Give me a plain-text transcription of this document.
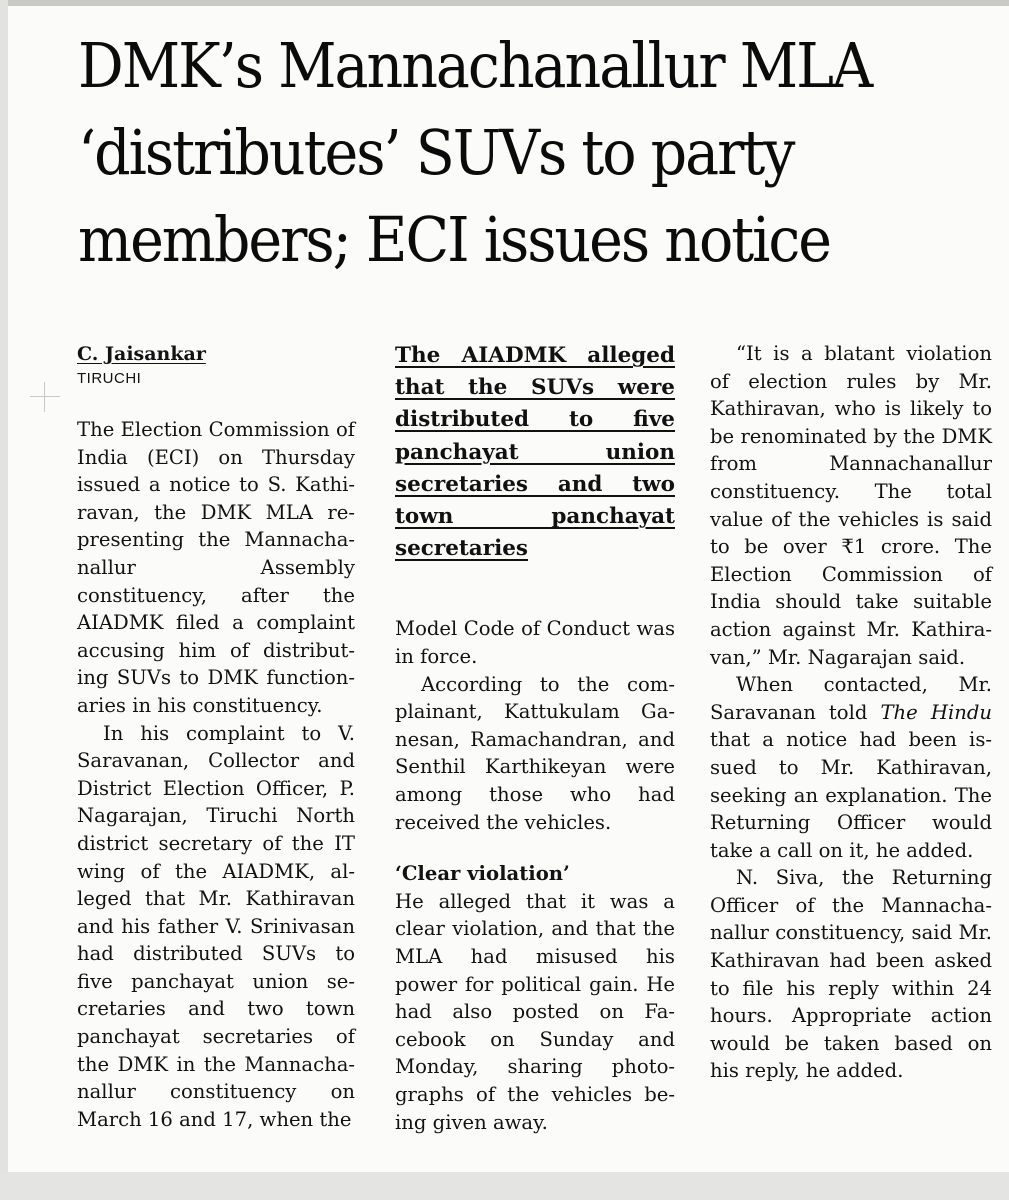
DMK’s Mannachanallur MLA
‘distributes’ SUVs to party
members; ECI issues notice
C. Jaisankar
TIRUCHI

The Election Commission of India (ECI) on Thursday issued a notice to S. Kathiravan, the DMK MLA representing the Mannachanallur Assembly constituency, after the AIADMK filed a complaint accusing him of distributing SUVs to DMK functionaries in his constituency.

In his complaint to V. Saravanan, Collector and District Election Officer, P. Nagarajan, Tiruchi North district secretary of the IT wing of the AIADMK, alleged that Mr. Kathiravan and his father V. Srinivasan had distributed SUVs to five panchayat union secretaries and two town panchayat secretaries of the DMK in the Mannachanallur constituency on March 16 and 17, when the

The AIADMK alleged that the SUVs were distributed to five panchayat union secretaries and two town panchayat secretaries

Model Code of Conduct was in force.

According to the complainant, Kattukulam Ganesan, Ramachandran, and Senthil Karthikeyan were among those who had received the vehicles.

‘Clear violation’

He alleged that it was a clear violation, and that the MLA had misused his power for political gain. He had also posted on Facebook on Sunday and Monday, sharing photographs of the vehicles being given away.

“It is a blatant violation of election rules by Mr. Kathiravan, who is likely to be renominated by the DMK from Mannachanallur constituency. The total value of the vehicles is said to be over ₹1 crore. The Election Commission of India should take suitable action against Mr. Kathiravan,” Mr. Nagarajan said.

When contacted, Mr. Saravanan told The Hindu that a notice had been issued to Mr. Kathiravan, seeking an explanation. The Returning Officer would take a call on it, he added.

N. Siva, the Returning Officer of the Mannachanallur constituency, said Mr. Kathiravan had been asked to file his reply within 24 hours. Appropriate action would be taken based on his reply, he added.
